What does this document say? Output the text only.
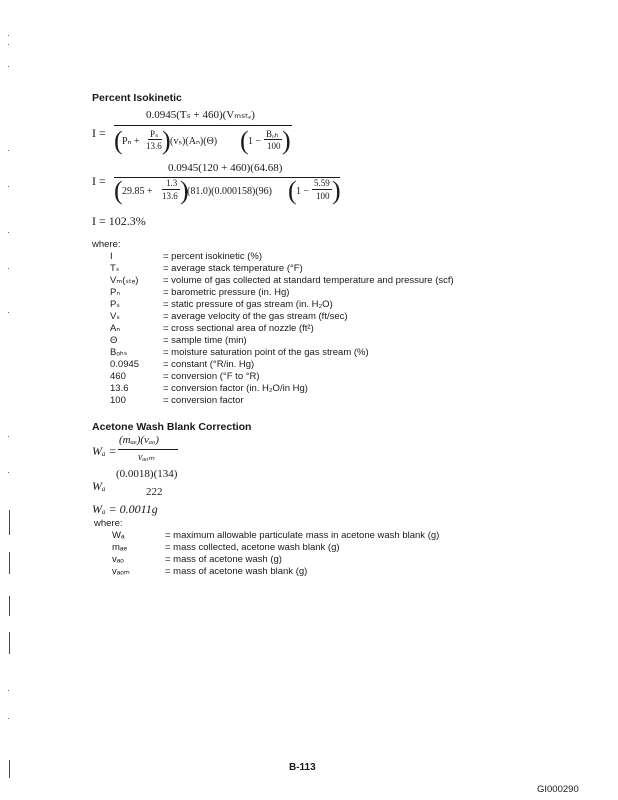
Percent Isokinetic
I =
0.0945(Tₛ + 460)(Vₘₛₜₑ)
( Pₙ +
Pₛ
13.6 ) (vₛ)(Aₙ)(Θ) ( 1 −
Bₒₕ
100 )
I =
0.0945(120 + 460)(64.68)
( 29.85 +
1.3
13.6 )
(81.0)(0.000158)(96) ( 1 −
5.59
100 )
I = 102.3%
where:
I	= percent isokinetic (%)
Tₛ	= average stack temperature (°F)
Vₘ(ₛₜₑ)	= volume of gas collected at standard temperature and pressure (scf)
Pₙ	= barometric pressure (in. Hg)
Pₛ	= static pressure of gas stream (in. H₂O)
Vₛ	= average velocity of the gas stream (ft/sec)
Aₙ	= cross sectional area of nozzle (ft²)
Θ	= sample time (min)
Bₒₕₛ	= moisture saturation point of the gas stream (%)
0.0945	= constant (°R/in. Hg)
460	= conversion (°F to °R)
13.6	= conversion factor (in. H₂O/in Hg)
100	= conversion factor
Acetone Wash Blank Correction
Wₐ =
(mₐₑ)(vₐₒ)
vₐₒₘ
Wₐ
(0.0018)(134)
222
Wₐ = 0.0011g
where:
Wₐ	= maximum allowable particulate mass in acetone wash blank (g)
mₐₑ	= mass collected, acetone wash blank (g)
vₐₒ	= mass of acetone wash (g)
vₐₒₘ	= mass of acetone wash blank (g)
B-113
GI000290
